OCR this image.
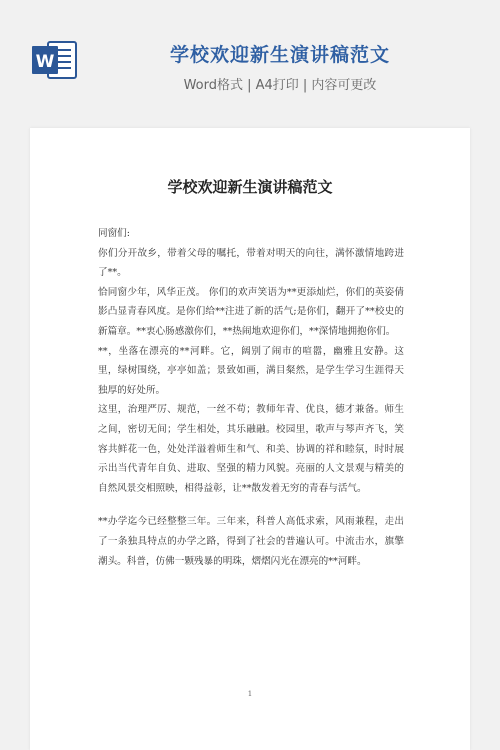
W	学校欢迎新生演讲稿范文
Word格式 | A4打印 | 内容可更改
学校欢迎新生演讲稿范文

同窗们:

你们分开故乡，带着父母的嘱托，带着对明天的向往，满怀激情地跨进了**。

恰同窗少年，风华正茂。 你们的欢声笑语为**更添灿烂，你们的英姿倩影凸显青春风度。是你们给**注进了新的活气;是你们，翻开了**校史的新篇章。**衷心肠感激你们，**热闹地欢迎你们，**深情地拥抱你们。

**，坐落在漂亮的**河畔。它，阔别了闹市的喧嚣，幽雅且安静。这里，绿树围绕，亭亭如盖；景致如画，满目粲然，是学生学习生涯得天独厚的好处所。

这里，治理严厉、规范，一丝不苟；教师年青、优良，德才兼备。师生之间，密切无间；学生相处，其乐融融。校园里，歌声与琴声齐飞，笑容共鲜花一色，处处洋溢着师生和气、和美、协调的祥和睦氛，时时展示出当代青年自负、进取、坚强的精力风貌。亮丽的人文景观与精美的自然风景交相照映，相得益彰，让**散发着无穷的青春与活气。

**办学迄今已经整整三年。三年来，科普人高低求索，风雨兼程，走出了一条独具特点的办学之路，得到了社会的普遍认可。中流击水，旗擎潮头。科普，仿佛一颗残暴的明珠，熠熠闪光在漂亮的**河畔。

1
